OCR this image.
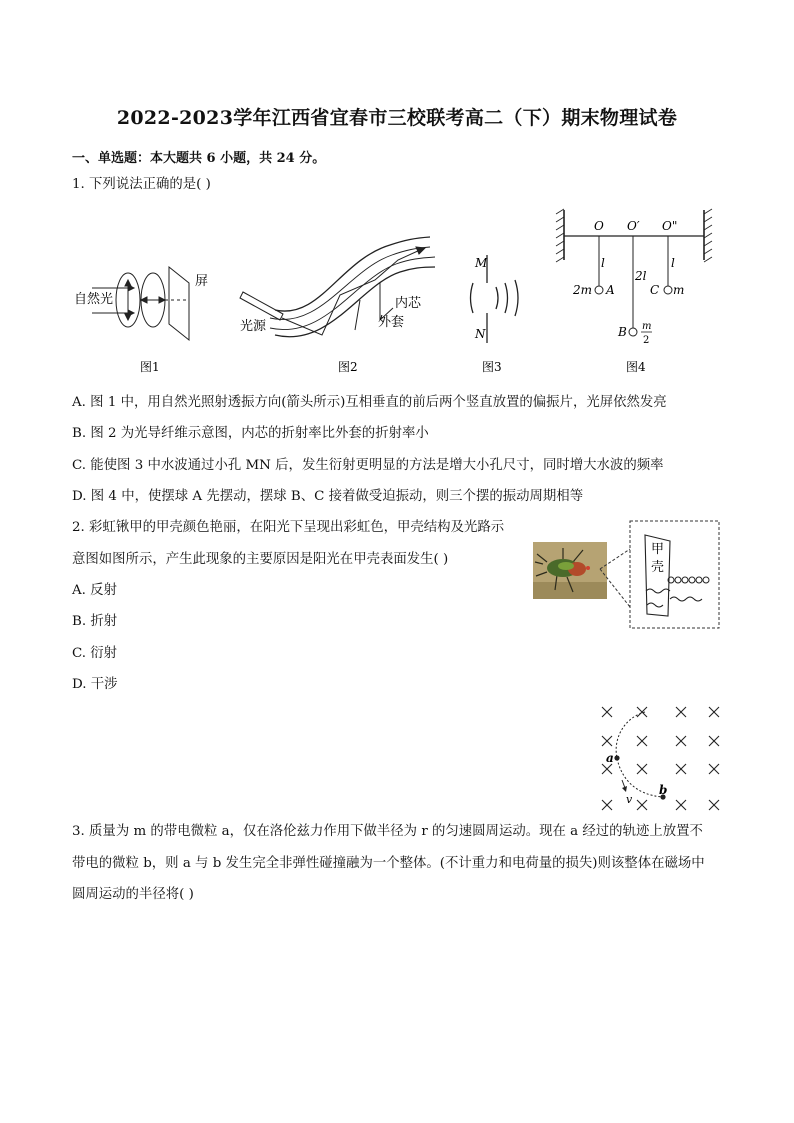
2022-2023学年江西省宜春市三校联考高二（下）期末物理试卷
一、单选题：本大题共 6 小题，共 24 分。
1. 下列说法正确的是( )
自然光
屏
图1
光源
内芯
外套
图2
M
N
图3
O O′ O"
l
2l
l
2m A	C m
B m
2
图4
A. 图 1 中，用自然光照射透振方向(箭头所示)互相垂直的前后两个竖直放置的偏振片，光屏依然发亮
B. 图 2 为光导纤维示意图，内芯的折射率比外套的折射率小
C. 能使图 3 中水波通过小孔 MN 后，发生衍射更明显的方法是增大小孔尺寸，同时增大水波的频率
D. 图 4 中，使摆球 A 先摆动，摆球 B、C 接着做受迫振动，则三个摆的振动周期相等
2. 彩虹锹甲的甲壳颜色艳丽，在阳光下呈现出彩虹色，甲壳结构及光路示
意图如图所示，产生此现象的主要原因是阳光在甲壳表面发生( )
甲
壳
A. 反射
B. 折射
C. 衍射
D. 干涉
a
b
v
3. 质量为 m 的带电微粒 a，仅在洛伦兹力作用下做半径为 r 的匀速圆周运动。现在 a 经过的轨迹上放置不
带电的微粒 b，则 a 与 b 发生完全非弹性碰撞融为一个整体。(不计重力和电荷量的损失)则该整体在磁场中
圆周运动的半径将( )
